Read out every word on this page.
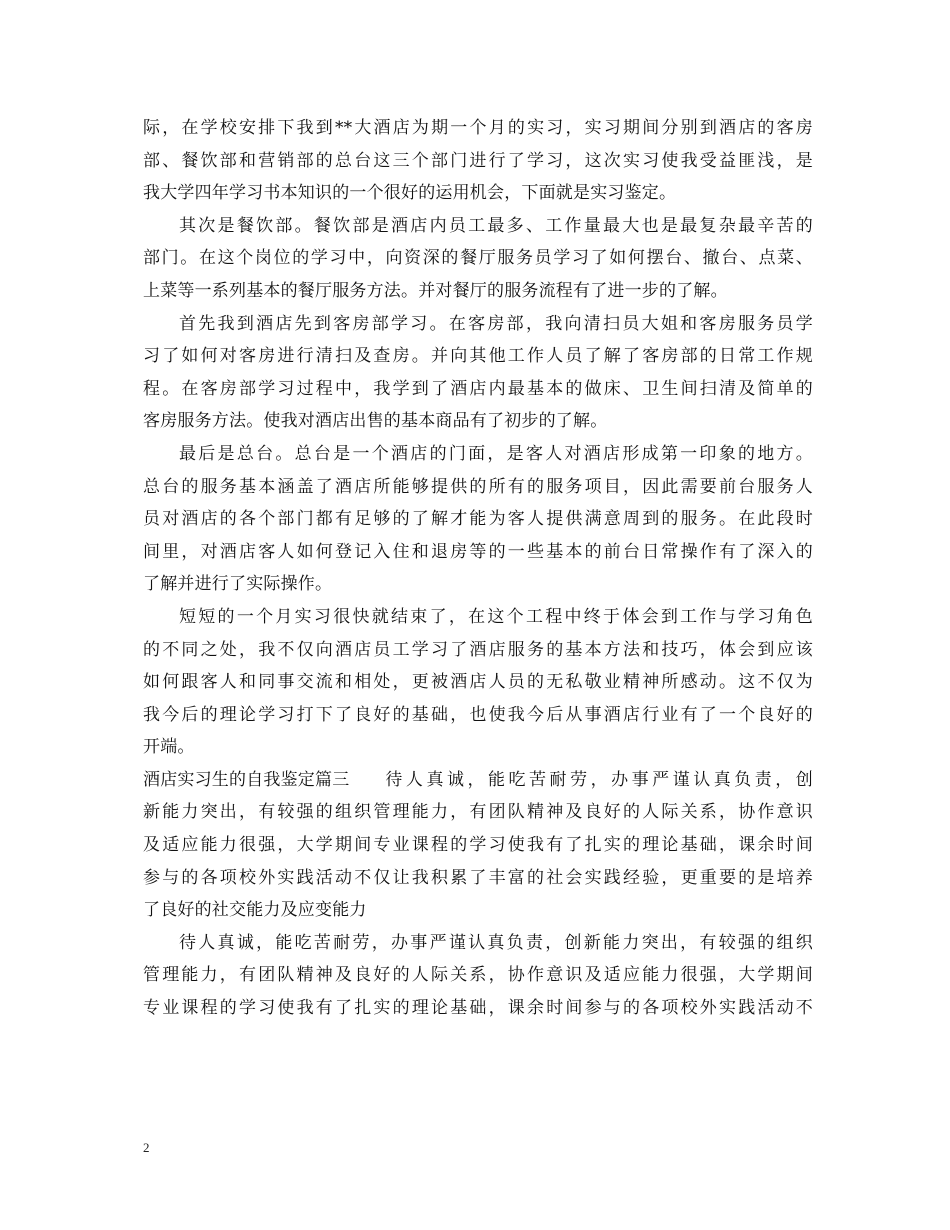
际，在学校安排下我到**大酒店为期一个月的实习，实习期间分别到酒店的客房
部、餐饮部和营销部的总台这三个部门进行了学习，这次实习使我受益匪浅，是
我大学四年学习书本知识的一个很好的运用机会，下面就是实习鉴定。
其次是餐饮部。餐饮部是酒店内员工最多、工作量最大也是最复杂最辛苦的
部门。在这个岗位的学习中，向资深的餐厅服务员学习了如何摆台、撤台、点菜、
上菜等一系列基本的餐厅服务方法。并对餐厅的服务流程有了进一步的了解。
首先我到酒店先到客房部学习。在客房部，我向清扫员大姐和客房服务员学
习了如何对客房进行清扫及查房。并向其他工作人员了解了客房部的日常工作规
程。在客房部学习过程中，我学到了酒店内最基本的做床、卫生间扫清及简单的
客房服务方法。使我对酒店出售的基本商品有了初步的了解。
最后是总台。总台是一个酒店的门面，是客人对酒店形成第一印象的地方。
总台的服务基本涵盖了酒店所能够提供的所有的服务项目，因此需要前台服务人
员对酒店的各个部门都有足够的了解才能为客人提供满意周到的服务。在此段时
间里，对酒店客人如何登记入住和退房等的一些基本的前台日常操作有了深入的
了解并进行了实际操作。
短短的一个月实习很快就结束了，在这个工程中终于体会到工作与学习角色
的不同之处，我不仅向酒店员工学习了酒店服务的基本方法和技巧，体会到应该
如何跟客人和同事交流和相处，更被酒店人员的无私敬业精神所感动。这不仅为
我今后的理论学习打下了良好的基础，也使我今后从事酒店行业有了一个良好的
开端。
酒店实习生的自我鉴定篇三	待人真诚，能吃苦耐劳，办事严谨认真负责，创
新能力突出，有较强的组织管理能力，有团队精神及良好的人际关系，协作意识
及适应能力很强，大学期间专业课程的学习使我有了扎实的理论基础，课余时间
参与的各项校外实践活动不仅让我积累了丰富的社会实践经验，更重要的是培养
了良好的社交能力及应变能力
待人真诚，能吃苦耐劳，办事严谨认真负责，创新能力突出，有较强的组织
管理能力，有团队精神及良好的人际关系，协作意识及适应能力很强，大学期间
专业课程的学习使我有了扎实的理论基础，课余时间参与的各项校外实践活动不
2
